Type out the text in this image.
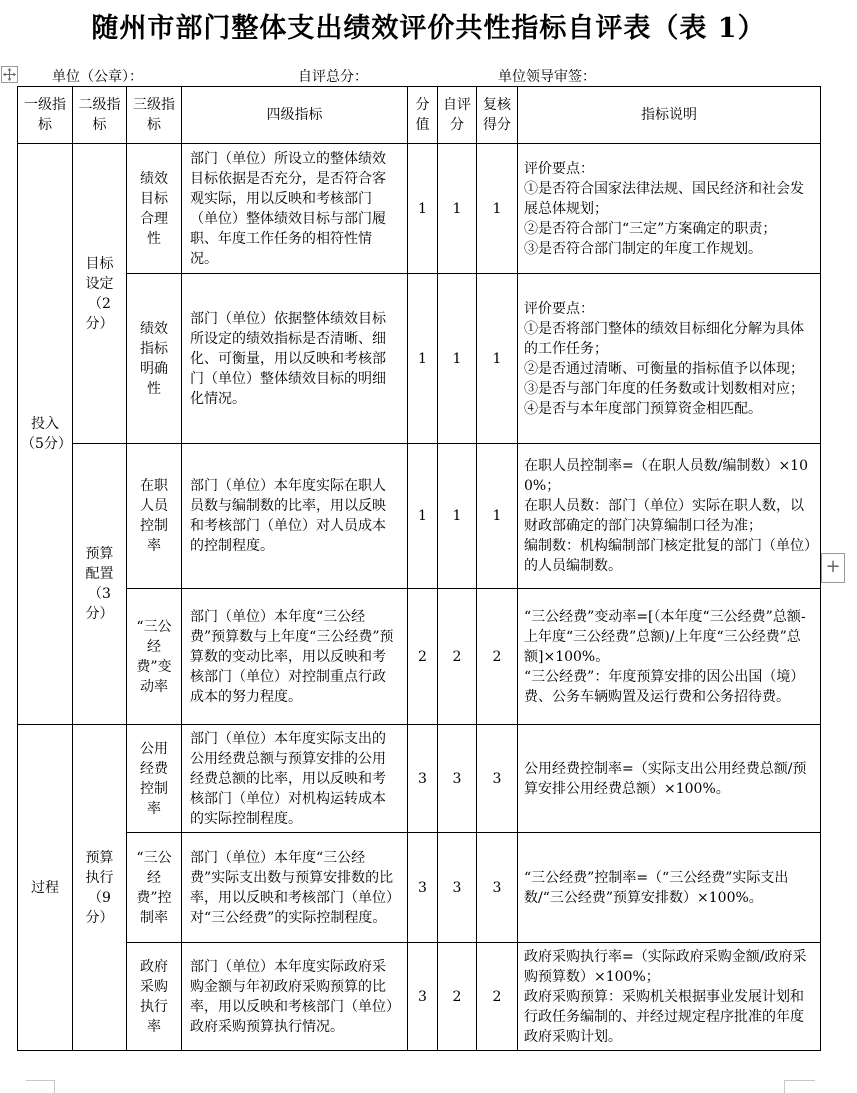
随州市部门整体支出绩效评价共性指标自评表（表 1）
单位（公章）：	自评总分：	单位领导审签：
一级指标	二级指标	三级指标	四级指标	分值	自评分	复核得分	指标说明
投入（5分）	目标设定（2分）	绩效目标合理性	部门（单位）所设立的整体绩效目标依据是否充分，是否符合客观实际，用以反映和考核部门（单位）整体绩效目标与部门履职、年度工作任务的相符性情况。	1	1	1	评价要点：
①是否符合国家法律法规、国民经济和社会发展总体规划；
②是否符合部门“三定”方案确定的职责；
③是否符合部门制定的年度工作规划。

		绩效指标明确性	部门（单位）依据整体绩效目标所设定的绩效指标是否清晰、细化、可衡量，用以反映和考核部门（单位）整体绩效目标的明细化情况。	1	1	1	评价要点：
①是否将部门整体的绩效目标细化分解为具体的工作任务；
②是否通过清晰、可衡量的指标值予以体现；
③是否与部门年度的任务数或计划数相对应；
④是否与本年度部门预算资金相匹配。

	预算配置（3分）	在职人员控制率	部门（单位）本年度实际在职人员数与编制数的比率，用以反映和考核部门（单位）对人员成本的控制程度。	1	1	1	在职人员控制率=（在职人员数/编制数）×100%；
在职人员数：部门（单位）实际在职人数，以财政部确定的部门决算编制口径为准；
编制数：机构编制部门核定批复的部门（单位）的人员编制数。

		“三公经费”变动率	部门（单位）本年度“三公经费”预算数与上年度“三公经费”预算数的变动比率，用以反映和考核部门（单位）对控制重点行政成本的努力程度。	2	2	2	“三公经费”变动率=[（本年度“三公经费”总额-上年度“三公经费”总额)/上年度“三公经费”总额]×100%。
“三公经费”：年度预算安排的因公出国（境）费、公务车辆购置及运行费和公务招待费。

过程	预算执行（9分）	公用经费控制率	部门（单位）本年度实际支出的公用经费总额与预算安排的公用经费总额的比率，用以反映和考核部门（单位）对机构运转成本的实际控制程度。	3	3	3	公用经费控制率=（实际支出公用经费总额/预算安排公用经费总额）×100%。

		“三公经费”控制率	部门（单位）本年度“三公经费”实际支出数与预算安排数的比率，用以反映和考核部门（单位）对“三公经费”的实际控制程度。	3	3	3	“三公经费”控制率=（“三公经费”实际支出数/“三公经费”预算安排数）×100%。

		政府采购执行率	部门（单位）本年度实际政府采购金额与年初政府采购预算的比率，用以反映和考核部门（单位）政府采购预算执行情况。	3	2	2	政府采购执行率=（实际政府采购金额/政府采购预算数）×100%；
政府采购预算：采购机关根据事业发展计划和行政任务编制的、并经过规定程序批准的年度政府采购计划。
+
